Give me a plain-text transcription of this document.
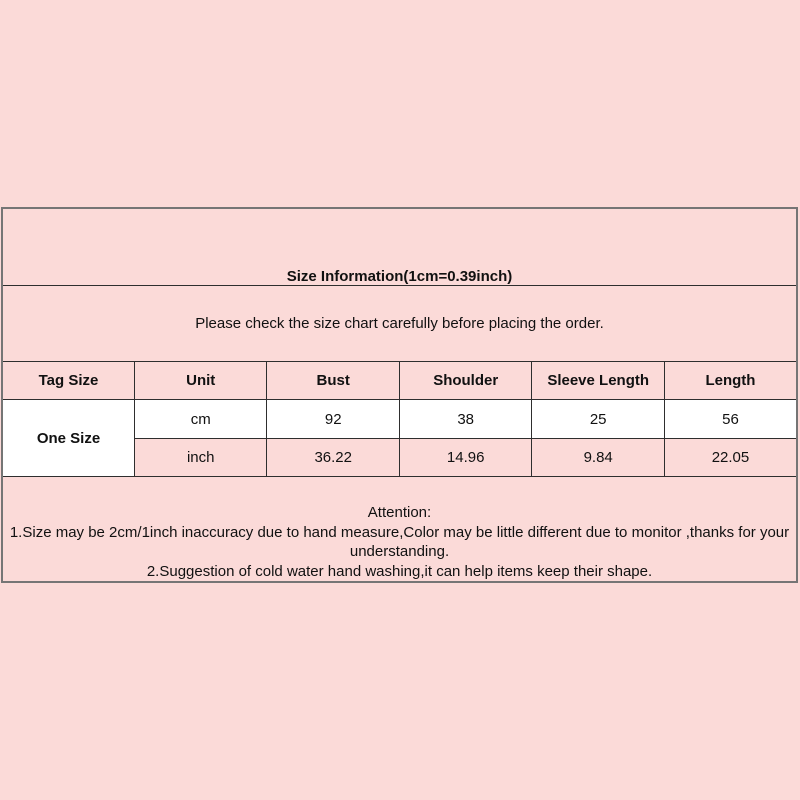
Size Information(1cm=0.39inch)					
Please check the size chart carefully before placing the order.					
Tag Size	Unit	Bust	Shoulder	Sleeve Length	Length
One Size	cm	92	38	25	56
	inch	36.22	14.96	9.84	22.05

Attention:
1.Size may be 2cm/1inch inaccuracy due to hand measure,Color may be little different due to monitor ,thanks for your understanding.
2.Suggestion of cold water hand washing,it can help items keep their shape.					
